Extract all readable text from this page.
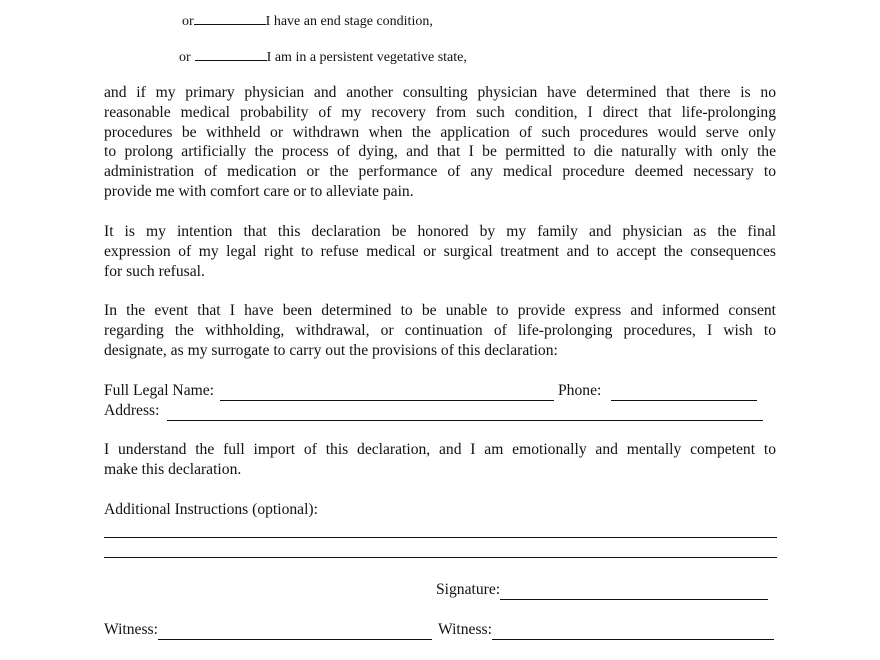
or	I have an end stage condition,
or	I am in a persistent vegetative state,

and if my primary physician and another consulting physician have determined that there is no
reasonable medical probability of my recovery from such condition, I direct that life-prolonging
procedures be withheld or withdrawn when the application of such procedures would serve only
to prolong artificially the process of dying, and that I be permitted to die naturally with only the
administration of medication or the performance of any medical procedure deemed necessary to
provide me with comfort care or to alleviate pain.

It is my intention that this declaration be honored by my family and physician as the final
expression of my legal right to refuse medical or surgical treatment and to accept the consequences
for such refusal.

In the event that I have been determined to be unable to provide express and informed consent
regarding the withholding, withdrawal, or continuation of life-prolonging procedures, I wish to
designate, as my surrogate to carry out the provisions of this declaration:

Full Legal Name:	Phone:
Address:

I understand the full import of this declaration, and I am emotionally and mentally competent to
make this declaration.

Additional Instructions (optional):
Signature:
Witness:	Witness:
